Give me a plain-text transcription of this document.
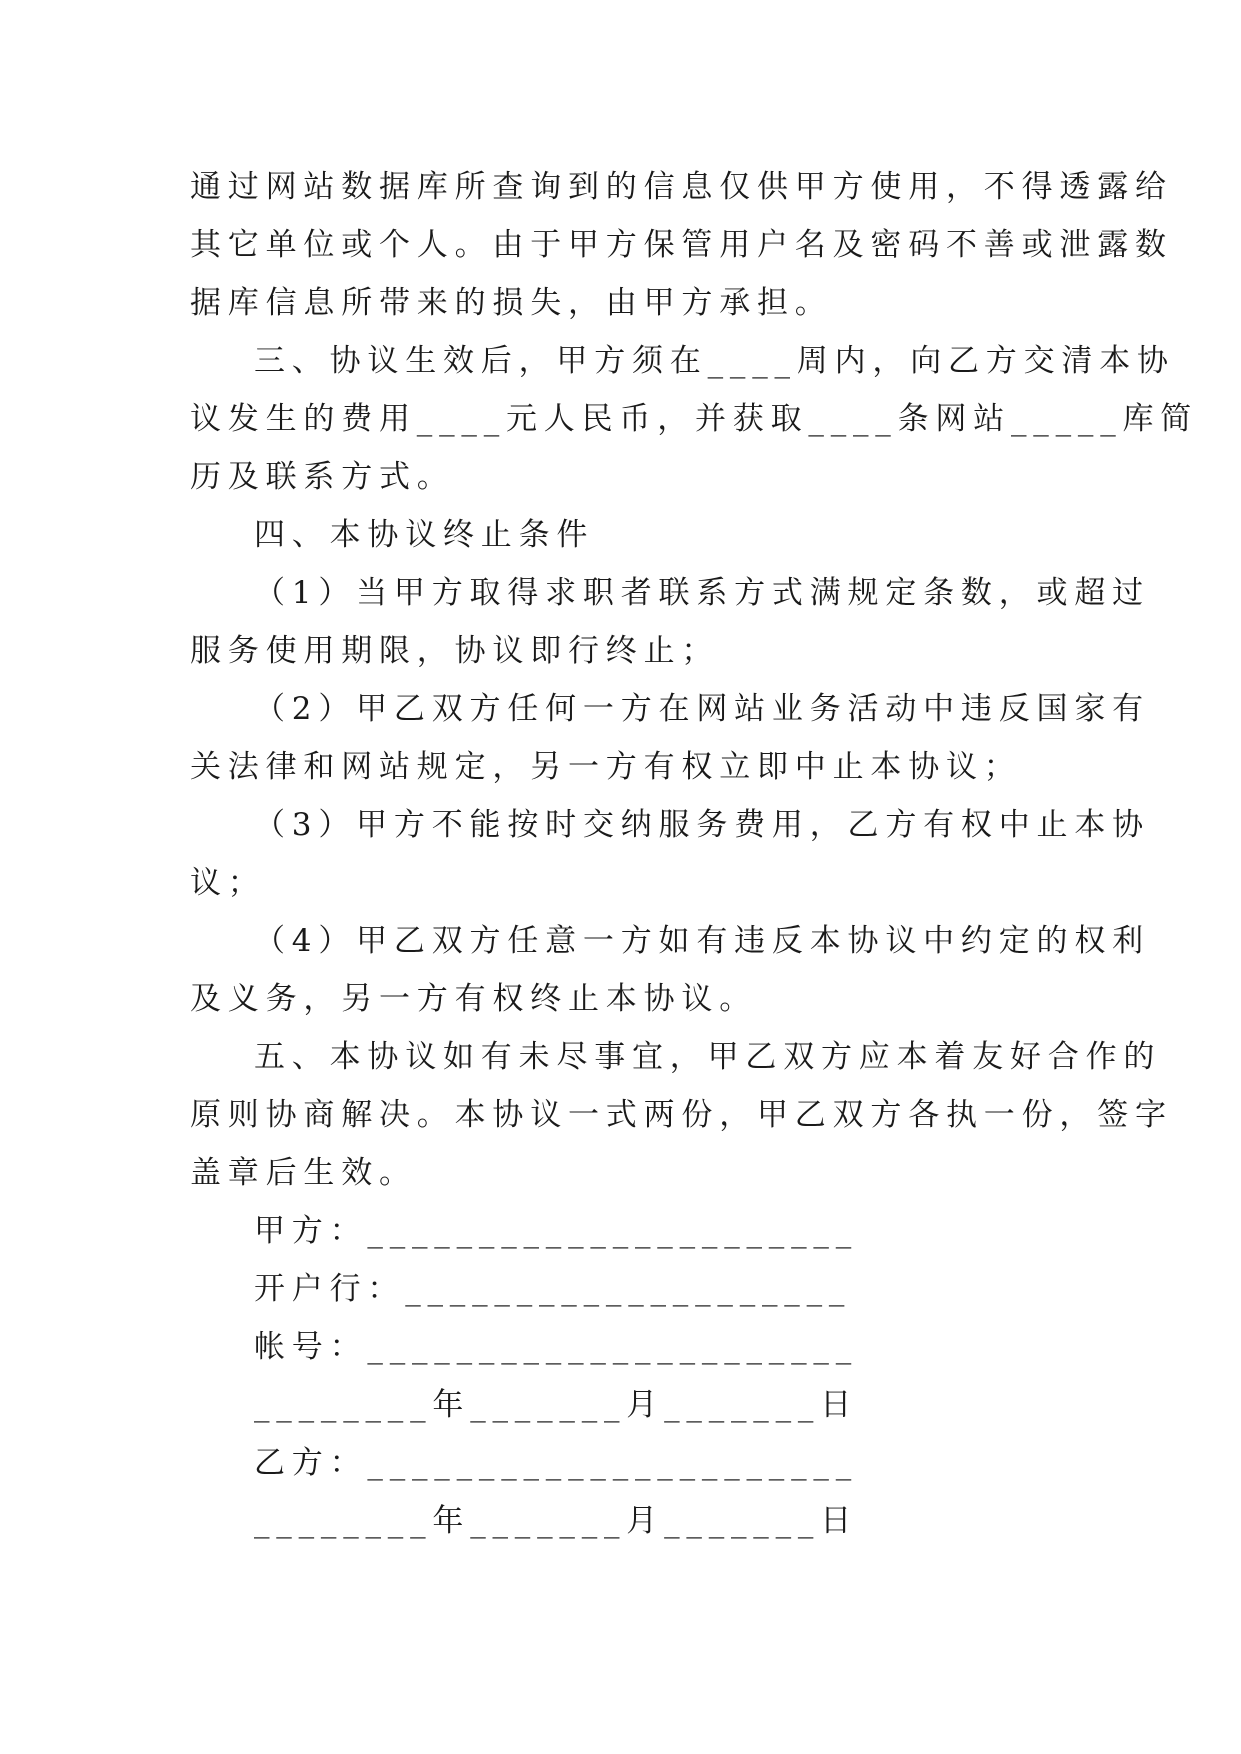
通过网站数据库所查询到的信息仅供甲方使用，不得透露给
其它单位或个人。由于甲方保管用户名及密码不善或泄露数
据库信息所带来的损失，由甲方承担。
三、协议生效后，甲方须在____周内，向乙方交清本协
议发生的费用____元人民币，并获取____条网站_____库简
历及联系方式。
四、本协议终止条件
（1）当甲方取得求职者联系方式满规定条数，或超过
服务使用期限，协议即行终止；
（2）甲乙双方任何一方在网站业务活动中违反国家有
关法律和网站规定，另一方有权立即中止本协议；
（3）甲方不能按时交纳服务费用，乙方有权中止本协
议；
（4）甲乙双方任意一方如有违反本协议中约定的权利
及义务，另一方有权终止本协议。
五、本协议如有未尽事宜，甲乙双方应本着友好合作的
原则协商解决。本协议一式两份，甲乙双方各执一份，签字
盖章后生效。
甲方：______________________
开户行：____________________
帐号：______________________
________年_______月_______日
乙方：______________________
________年_______月_______日
